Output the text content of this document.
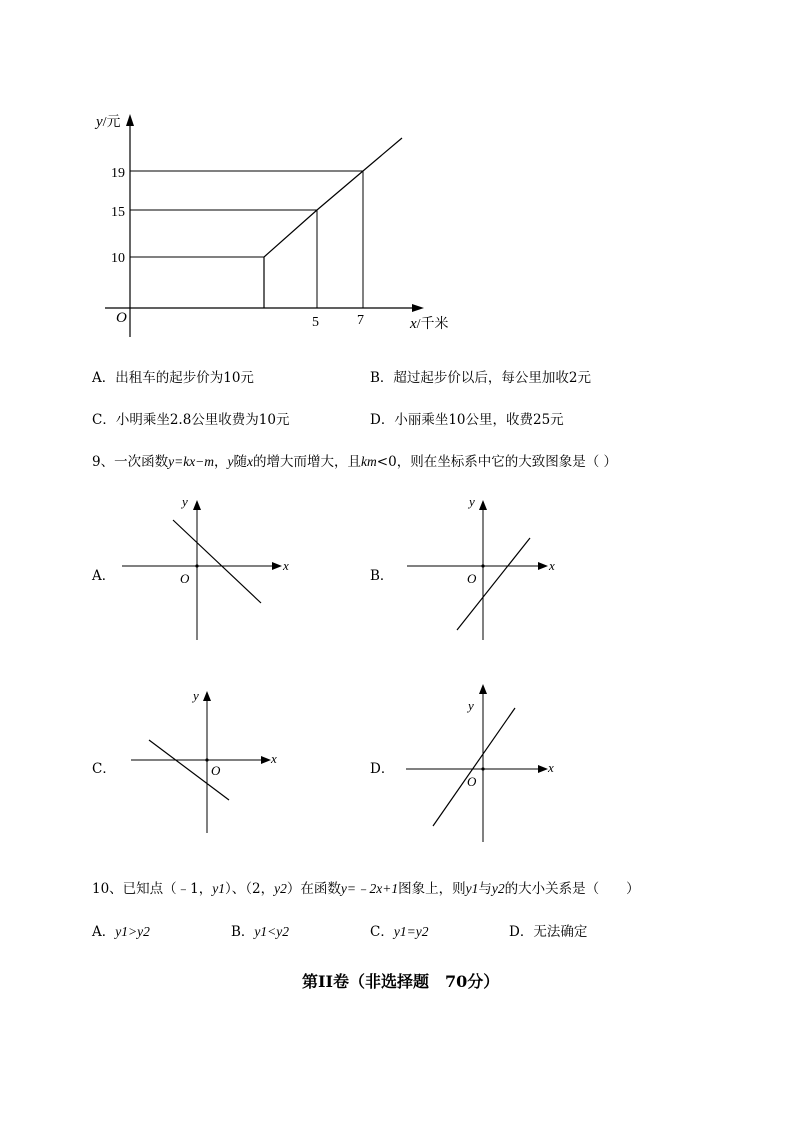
y/元
x/千米
O
19
15
10
5	7
A．出租车的起步价为10元	B．超过起步价以后，每公里加收2元
C．小明乘坐2.8公里收费为10元	D．小丽乘坐10公里，收费25元
9、一次函数y=kx−m，y随x的增大而增大，且km<0，则在坐标系中它的大致图象是（ ）
A．	B．
C．	D．
y
x
O
y
x
O
y
x
O
y
x
O
10、已知点（﹣1，y1）、（2，y2）在函数y=﹣2x+1图象上，则y1与y2的大小关系是（　　）
A．y1>y2	B．y1<y2	C．y1=y2	D．无法确定
第II卷（非选择题　70分）
